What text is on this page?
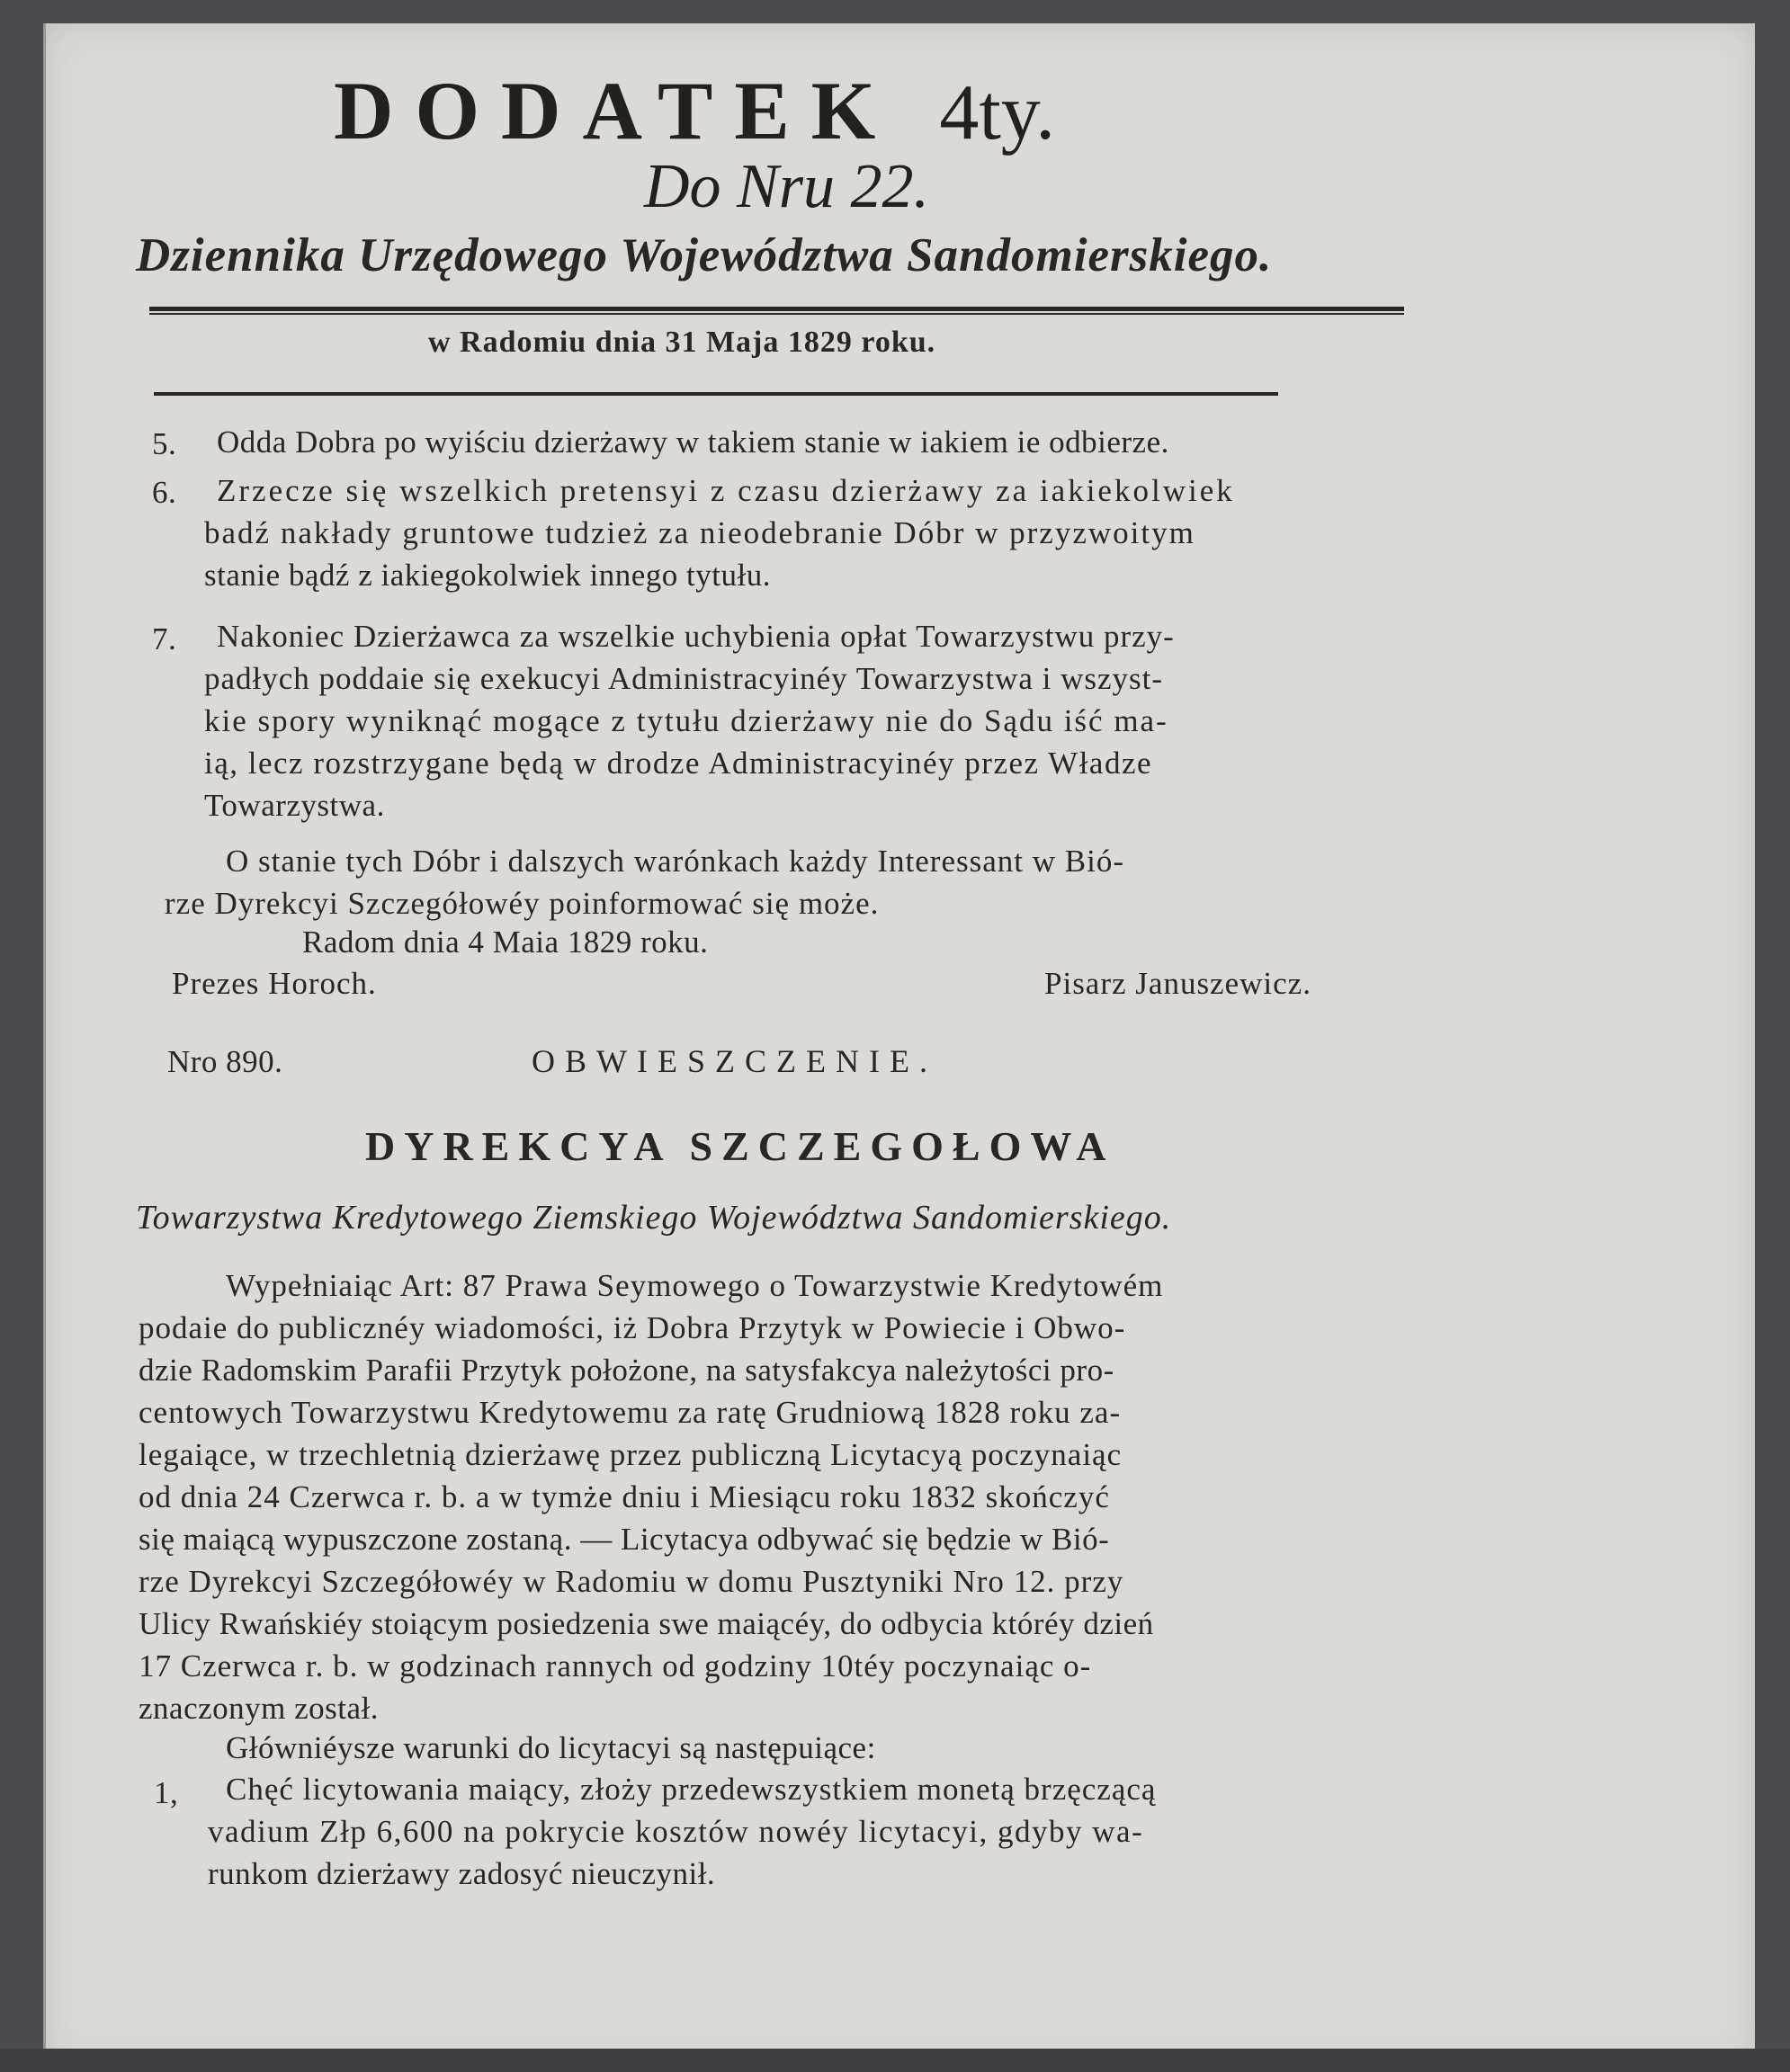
DODATEK 4ty.
Do Nru 22.
Dziennika Urzędowego Województwa Sandomierskiego.
w Radomiu dnia 31 Maja 1829 roku.
5. Odda Dobra po wyiściu dzierżawy w takiem stanie w iakiem ie odbierze.
6. Zrzecze się wszelkich pretensyi z czasu dzierżawy za iakiekolwiek
badź nakłady gruntowe tudzież za nieodebranie Dóbr w przyzwoitym
stanie bądź z iakiegokolwiek innego tytułu.
7. Nakoniec Dzierżawca za wszelkie uchybienia opłat Towarzystwu przy-
padłych poddaie się exekucyi Administracyinéy Towarzystwa i wszyst-
kie spory wyniknąć mogące z tytułu dzierżawy nie do Sądu iść ma-
ią, lecz rozstrzygane będą w drodze Administracyinéy przez Władze
Towarzystwa.
O stanie tych Dóbr i dalszych warónkach każdy Interessant w Bió-
rze Dyrekcyi Szczegółowéy poinformować się może.
Radom dnia 4 Maia 1829 roku.
Prezes Horoch.	Pisarz Januszewicz.
Nro 890.	OBWIESZCZENIE.
DYREKCYA SZCZEGOŁOWA
Towarzystwa Kredytowego Ziemskiego Województwa Sandomierskiego.
Wypełniaiąc Art: 87 Prawa Seymowego o Towarzystwie Kredytowém
podaie do publicznéy wiadomości, iż Dobra Przytyk w Powiecie i Obwo-
dzie Radomskim Parafii Przytyk położone, na satysfakcya należytości pro-
centowych Towarzystwu Kredytowemu za ratę Grudniową 1828 roku za-
legaiące, w trzechletnią dzierżawę przez publiczną Licytacyą poczynaiąc
od dnia 24 Czerwca r. b. a w tymże dniu i Miesiącu roku 1832 skończyć
się maiącą wypuszczone zostaną. — Licytacya odbywać się będzie w Bió-
rze Dyrekcyi Szczegółowéy w Radomiu w domu Pusztyniki Nro 12. przy
Ulicy Rwańskiéy stoiącym posiedzenia swe maiącéy, do odbycia któréy dzień
17 Czerwca r. b. w godzinach rannych od godziny 10téy poczynaiąc o-
znaczonym został.
Główniéysze warunki do licytacyi są następuiące:
1, Chęć licytowania maiący, złoży przedewszystkiem monetą brzęczącą
vadium Złp 6,600 na pokrycie kosztów nowéy licytacyi, gdyby wa-
runkom dzierżawy zadosyć nieuczynił.
